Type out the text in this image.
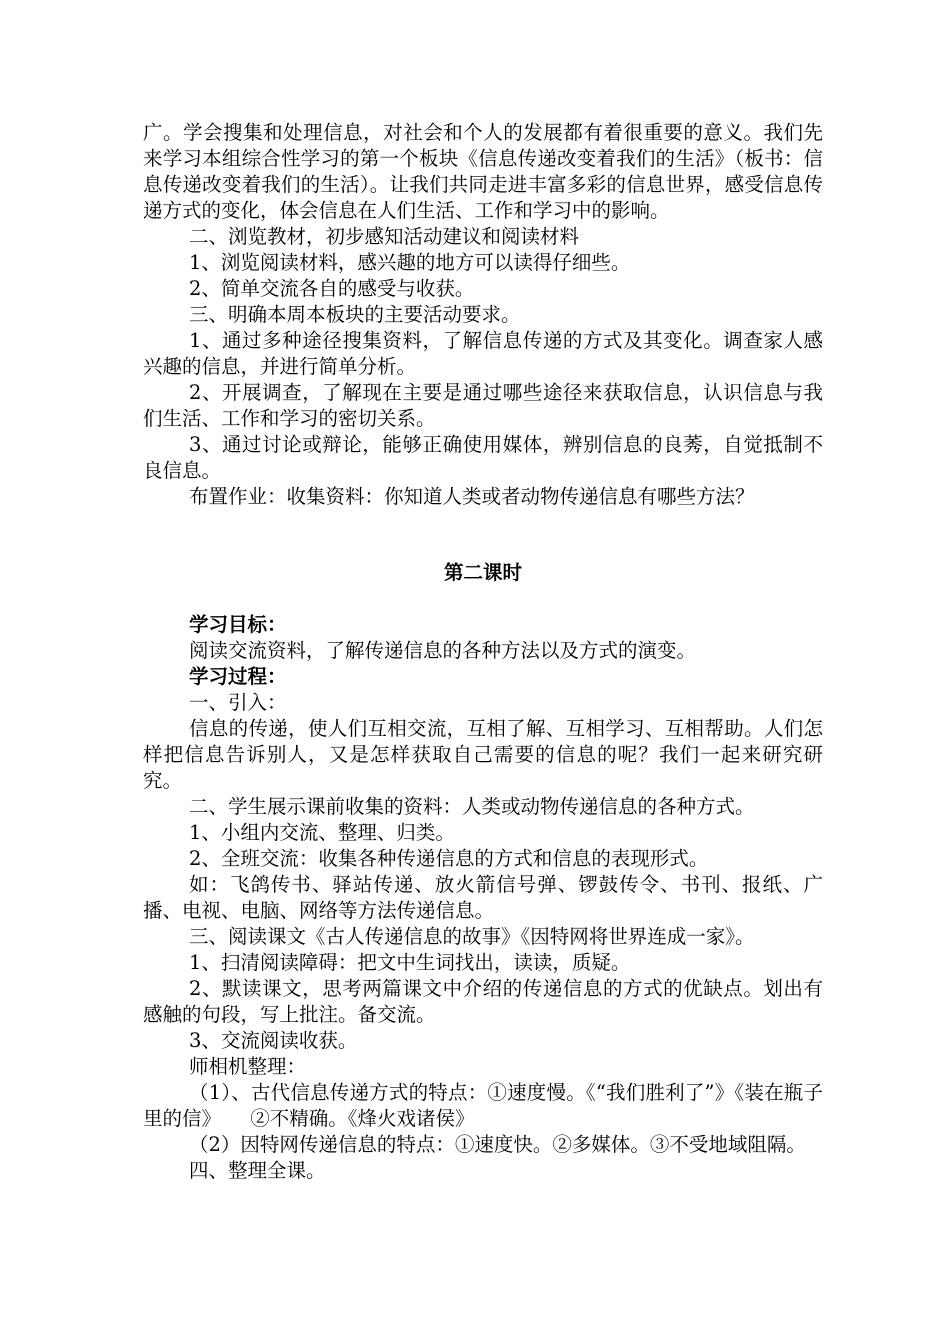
广。学会搜集和处理信息，对社会和个人的发展都有着很重要的意义。我们先来学习本组综合性学习的第一个板块《信息传递改变着我们的生活》（板书：信息传递改变着我们的生活）。让我们共同走进丰富多彩的信息世界，感受信息传递方式的变化，体会信息在人们生活、工作和学习中的影响。

二、浏览教材，初步感知活动建议和阅读材料

1、浏览阅读材料，感兴趣的地方可以读得仔细些。

2、简单交流各自的感受与收获。

三、明确本周本板块的主要活动要求。

1、通过多种途径搜集资料，了解信息传递的方式及其变化。调查家人感兴趣的信息，并进行简单分析。

2、开展调查，了解现在主要是通过哪些途径来获取信息，认识信息与我们生活、工作和学习的密切关系。

3、通过讨论或辩论，能够正确使用媒体，辨别信息的良莠，自觉抵制不良信息。

布置作业：收集资料：你知道人类或者动物传递信息有哪些方法？

第二课时

学习目标：

阅读交流资料，了解传递信息的各种方法以及方式的演变。

学习过程：

一、引入：

信息的传递，使人们互相交流，互相了解、互相学习、互相帮助。人们怎样把信息告诉别人，又是怎样获取自己需要的信息的呢？我们一起来研究研究。

二、学生展示课前收集的资料：人类或动物传递信息的各种方式。

1、小组内交流、整理、归类。

2、全班交流：收集各种传递信息的方式和信息的表现形式。

如：飞鸽传书、驿站传递、放火箭信号弹、锣鼓传令、书刊、报纸、广播、电视、电脑、网络等方法传递信息。

三、阅读课文《古人传递信息的故事》《因特网将世界连成一家》。

1、扫清阅读障碍：把文中生词找出，读读，质疑。

2、默读课文，思考两篇课文中介绍的传递信息的方式的优缺点。划出有感触的句段，写上批注。备交流。

3、交流阅读收获。

师相机整理：

（1）、古代信息传递方式的特点：①速度慢。《“我们胜利了”》《装在瓶子里的信》　　②不精确。《烽火戏诸侯》

（2）因特网传递信息的特点：①速度快。②多媒体。③不受地域阻隔。

四、整理全课。
